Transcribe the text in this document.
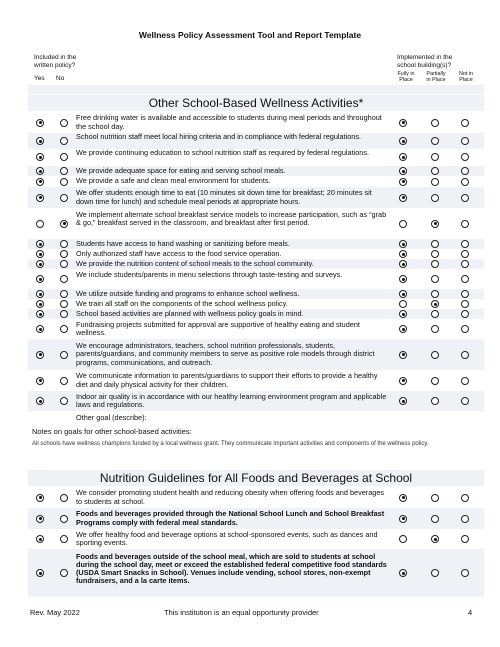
Wellness Policy Assessment Tool and Report Template
Included in the
written policy?
Yes No
Implemented in the
school building(s)?
Fully in
Place
Partially
in Place
Not in
Place
Other School-Based Wellness Activities*
Free drinking water is available and accessible to students during meal periods and throughout the school day.
School nutrition staff meet local hiring criteria and in compliance with federal regulations.
We provide continuing education to school nutrition staff as required by federal regulations.
We provide adequate space for eating and serving school meals.
We provide a safe and clean meal environment for students.
We offer students enough time to eat (10 minutes sit down time for breakfast; 20 minutes sit down time for lunch) and schedule meal periods at appropriate hours.
We implement alternate school breakfast service models to increase participation, such as “grab & go,” breakfast served in the classroom, and breakfast after first period.
Students have access to hand washing or sanitizing before meals.
Only authorized staff have access to the food service operation.
We provide the nutrition content of school meals to the school community.
We include students/parents in menu selections through taste-testing and surveys.
We utilize outside funding and programs to enhance school wellness.
We train all staff on the components of the school wellness policy.
School based activities are planned with wellness policy goals in mind.
Fundraising projects submitted for approval are supportive of healthy eating and student wellness.
We encourage administrators, teachers, school nutrition professionals, students, parents/guardians, and community members to serve as positive role models through district programs, communications, and outreach.
We communicate information to parents/guardians to support their efforts to provide a healthy diet and daily physical activity for their children.
Indoor air quality is in accordance with our healthy learning environment program and applicable laws and regulations.
Other goal (describe):
Notes on goals for other school-based activities:
All schools have wellness champions funded by a local wellness grant. They communicate important activities and components of the wellness policy.
Nutrition Guidelines for All Foods and Beverages at School
We consider promoting student health and reducing obesity when offering foods and beverages to students at school.
Foods and beverages provided through the National School Lunch and School Breakfast Programs comply with federal meal standards.
We offer healthy food and beverage options at school-sponsored events, such as dances and sporting events.
Foods and beverages outside of the school meal, which are sold to students at school during the school day, meet or exceed the established federal competitive food standards (USDA Smart Snacks in School). Venues include vending, school stores, non-exempt fundraisers, and a la carte items.
Rev. May 2022	This institution is an equal opportunity provider	4
